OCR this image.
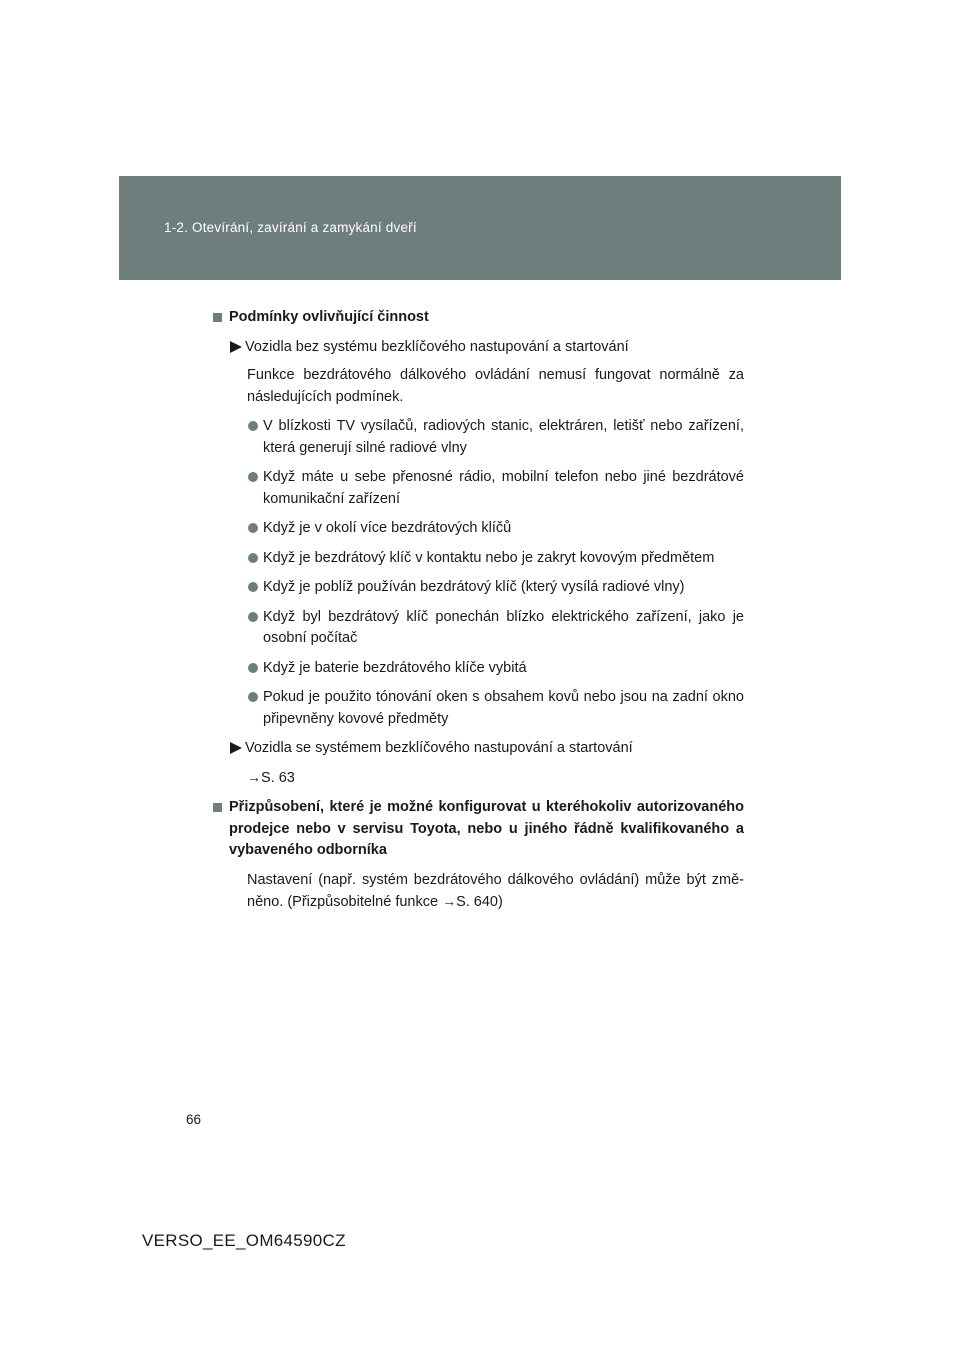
1-2. Otevírání, zavírání a zamykání dveří
Podmínky ovlivňující činnost
Vozidla bez systému bezklíčového nastupování a startování
Funkce bezdrátového dálkového ovládání nemusí fungovat normálně za následujících podmínek.
V blízkosti TV vysílačů, radiových stanic, elektráren, letišť nebo zařízení, která generují silné radiové vlny
Když máte u sebe přenosné rádio, mobilní telefon nebo jiné bezdrátové komunikační zařízení
Když je v okolí více bezdrátových klíčů
Když je bezdrátový klíč v kontaktu nebo je zakryt kovovým předmětem
Když je poblíž používán bezdrátový klíč (který vysílá radiové vlny)
Když byl bezdrátový klíč ponechán blízko elektrického zařízení, jako je osobní počítač
Když je baterie bezdrátového klíče vybitá
Pokud je použito tónování oken s obsahem kovů nebo jsou na zadní okno připevněny kovové předměty
Vozidla se systémem bezklíčového nastupování a startování
→S. 63
Přizpůsobení, které je možné konfigurovat u kteréhokoliv autorizovaného prodejce nebo v servisu Toyota, nebo u jiného řádně kvalifikovaného a vybaveného odborníka
Nastavení (např. systém bezdrátového dálkového ovládání) může být změněno. (Přizpůsobitelné funkce →S. 640)
66
VERSO_EE_OM64590CZ
